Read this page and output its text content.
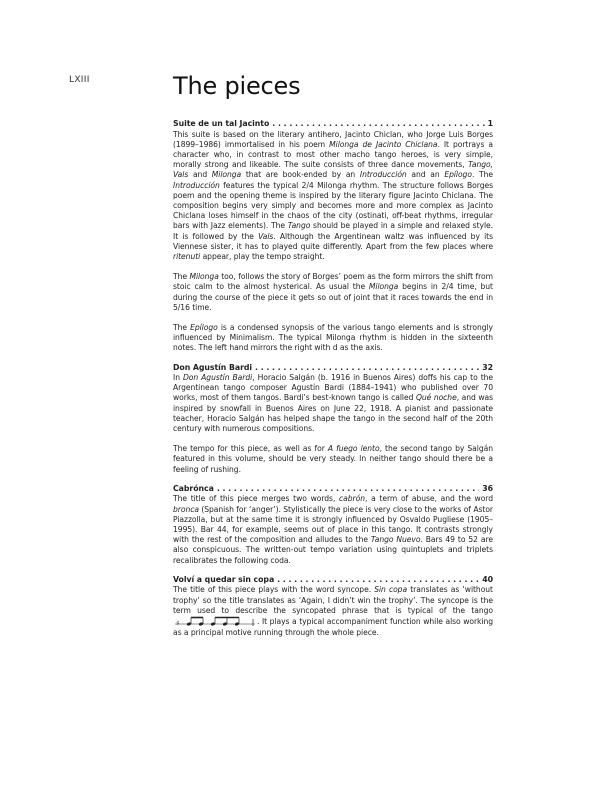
LXIII	The pieces
Suite de un tal Jacinto . . .	1

This suite is based on the literary antihero, Jacinto Chiclan, who Jorge Luis Borges (1899–1986) immortalised in his poem Milonga de Jacinto Chiclana. It portrays a character who, in contrast to most other macho tango heroes, is very simple, morally strong and likeable. The suite consists of three dance movements, Tango, Vals and Milonga that are book-ended by an Introducción and an Epílogo. The Introducción features the typical 2/4 Milonga rhythm. The structure follows Borges poem and the opening theme is inspired by the literary figure Jacinto Chiclana. The composition begins very simply and becomes more and more complex as Jacinto Chiclana loses himself in the chaos of the city (ostinati, off-beat rhythms, irregular bars with Jazz elements). The Tango should be played in a simple and relaxed style. It is followed by the Vals. Although the Argentinean waltz was influenced by its Viennese sister, it has to played quite differently. Apart from the few places where ritenuti appear, play the tempo straight.

The Milonga too, follows the story of Borges’ poem as the form mirrors the shift from stoic calm to the almost hysterical. As usual the Milonga begins in 2/4 time, but during the course of the piece it gets so out of joint that it races towards the end in 5/16 time.

The Epílogo is a condensed synopsis of the various tango elements and is strongly influenced by Minimalism. The typical Milonga rhythm is hidden in the sixteenth notes. The left hand mirrors the right with d as the axis.

Don Agustín Bardi . . .	32

In Don Agustín Bardi, Horacio Salgán (b. 1916 in Buenos Aires) doffs his cap to the Argentinean tango composer Agustín Bardi (1884–1941) who published over 70 works, most of them tangos. Bardi’s best-known tango is called Qué noche, and was inspired by snowfall in Buenos Aires on June 22, 1918. A pianist and passionate teacher, Horacio Salgán has helped shape the tango in the second half of the 20th century with numerous compositions.

The tempo for this piece, as well as for A fuego lento, the second tango by Salgán featured in this volume, should be very steady. In neither tango should there be a feeling of rushing.

Cabrónca . . .	36

The title of this piece merges two words, cabrón, a term of abuse, and the word bronca (Spanish for ‘anger’). Stylistically the piece is very close to the works of Astor Piazzolla, but at the same time it is strongly influenced by Osvaldo Pugliese (1905–1995). Bar 44, for example, seems out of place in this tango. It contrasts strongly with the rest of the composition and alludes to the Tango Nuevo. Bars 49 to 52 are also conspicuous. The written-out tempo variation using quintuplets and triplets recalibrates the following coda.

Volví a quedar sin copa . . .	40

The title of this piece plays with the word syncope. Sin copa translates as ‘without trophy’ so the title translates as ‘Again, I didn’t win the trophy’. The syncope is the term used to describe the syncopated phrase that is typical of the tango
♯	. It plays a typical accompaniment function while also working as a principal motive running through the whole piece.
